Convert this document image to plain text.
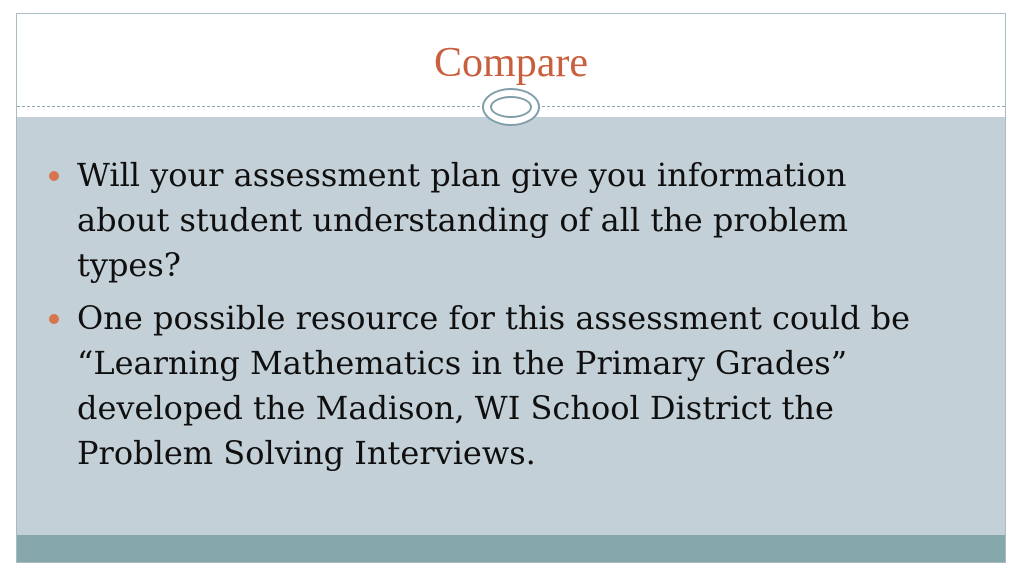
Compare
Will your assessment plan give you information about student understanding of all the problem types?
One possible resource for this assessment could be “Learning Mathematics in the Primary Grades” developed the Madison, WI School District the Problem Solving Interviews.
